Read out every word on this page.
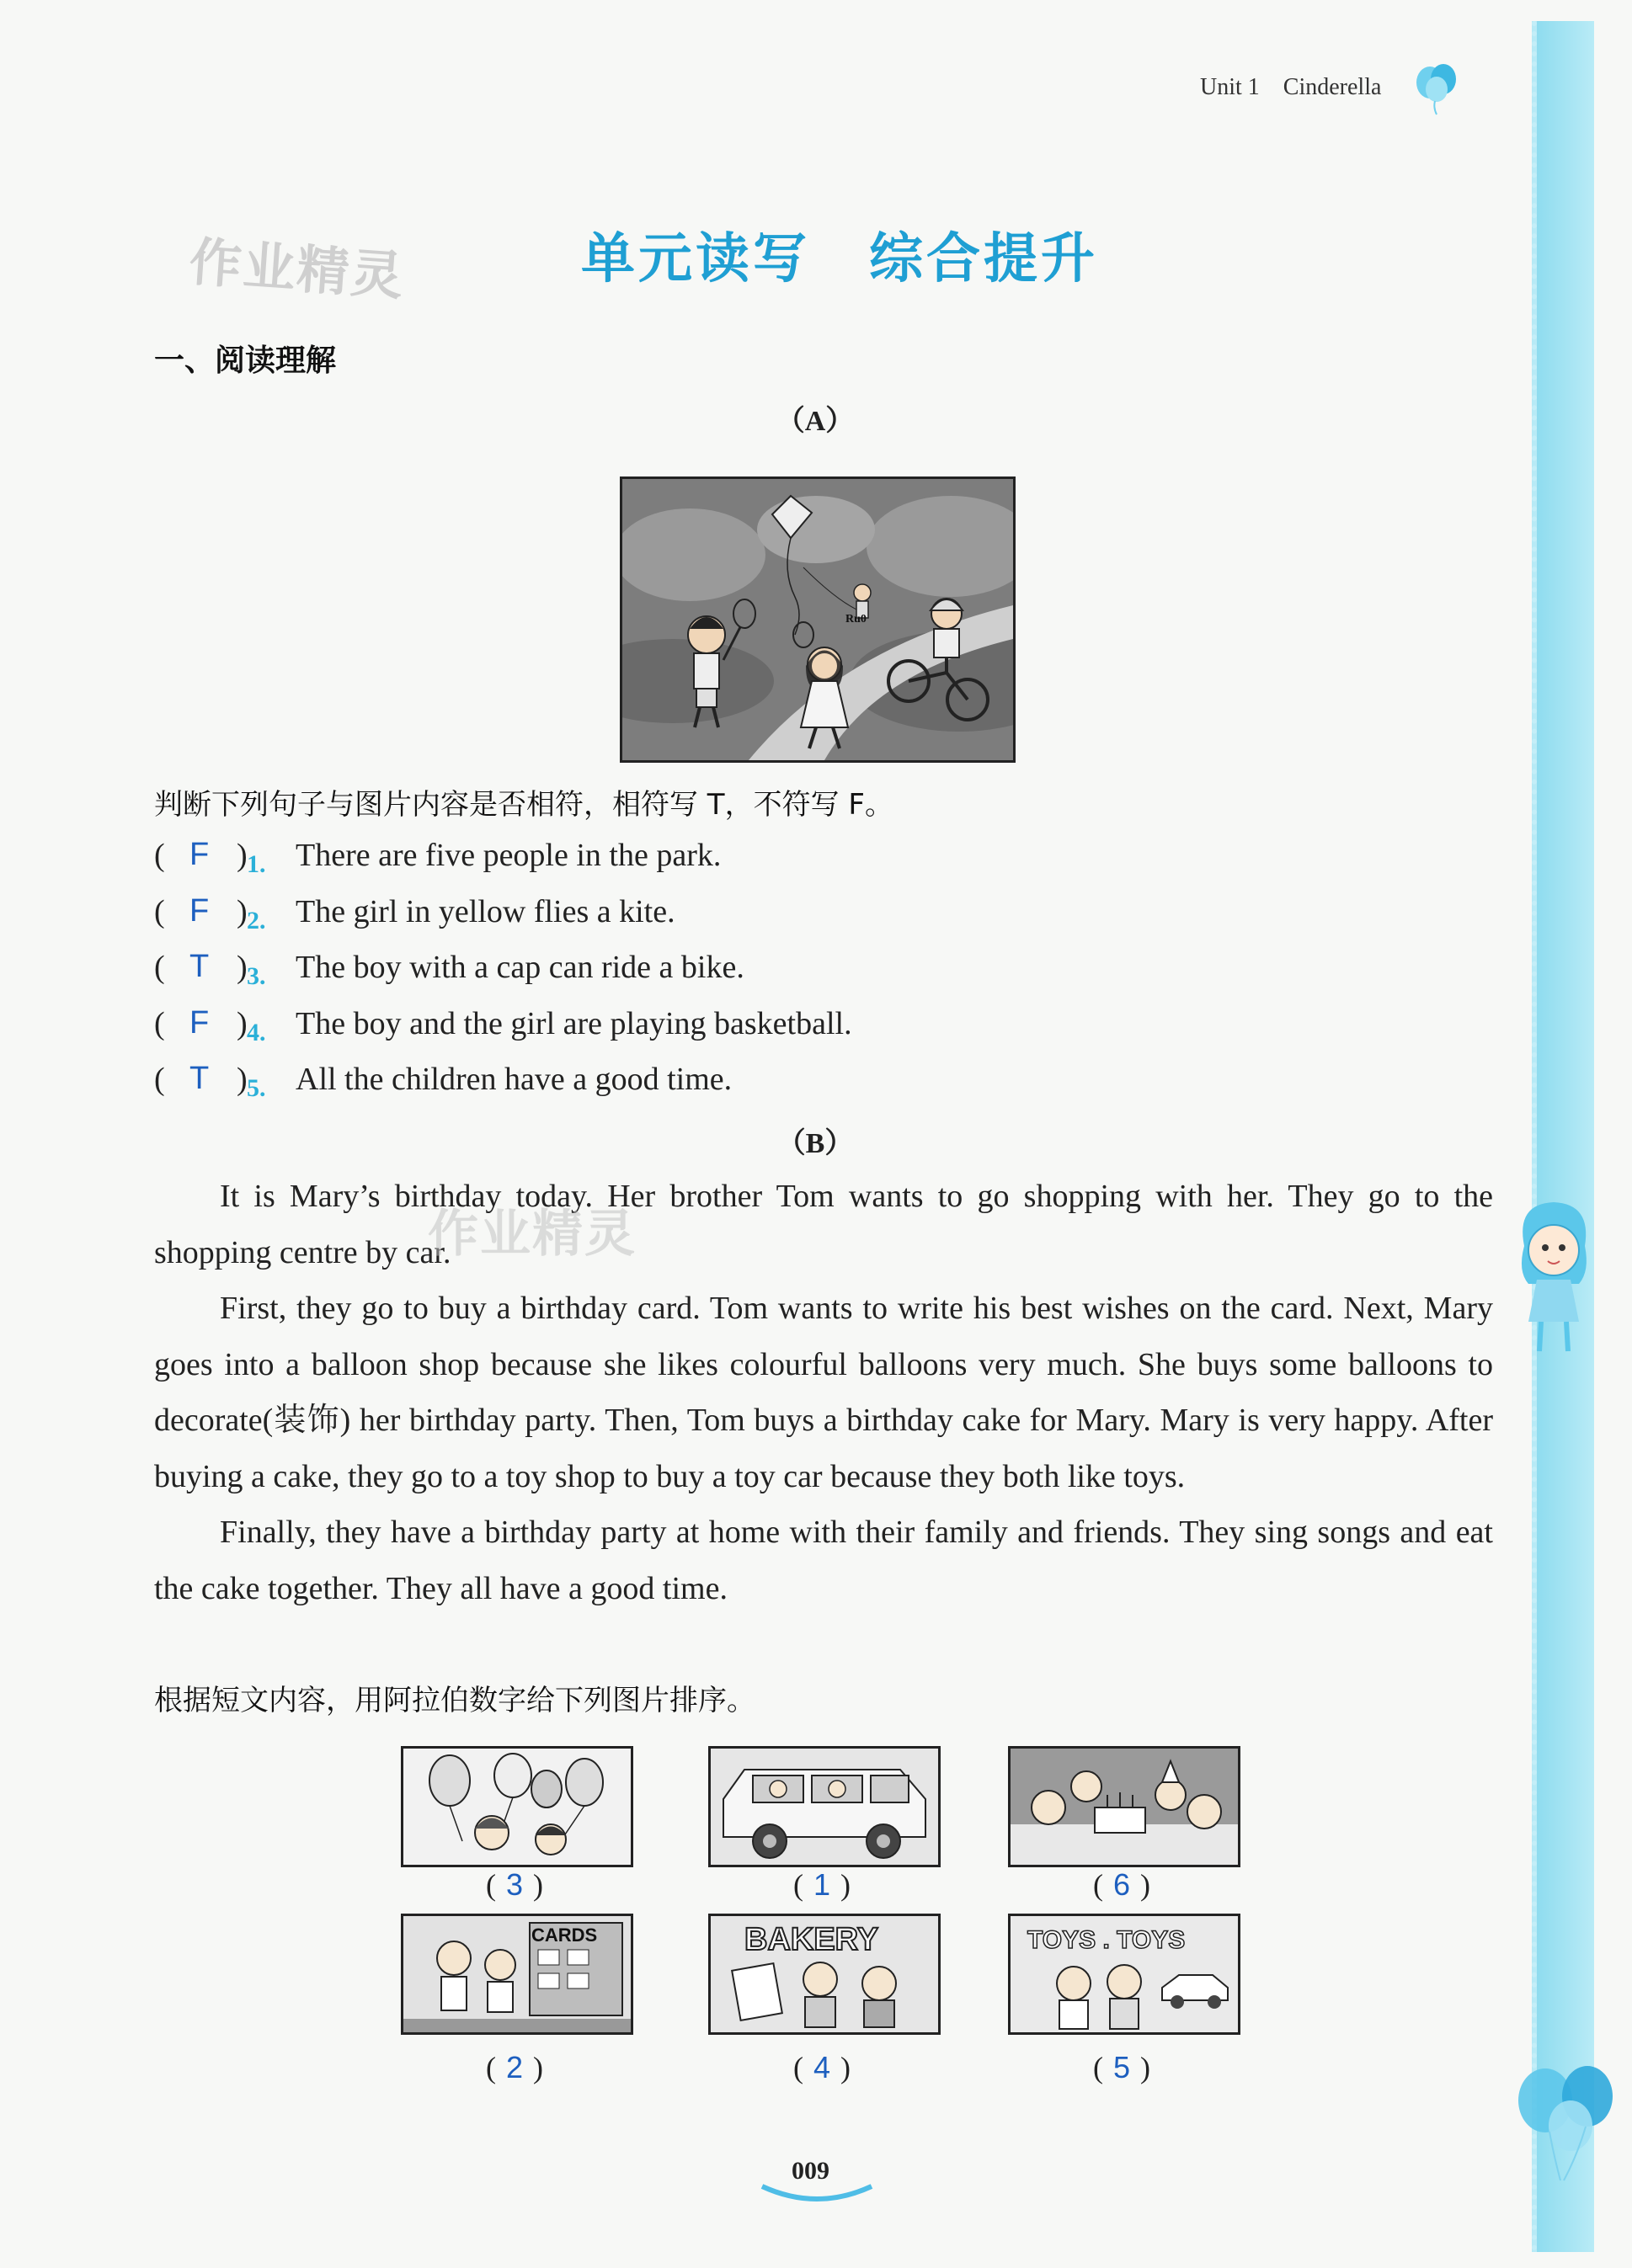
Unit 1 Cinderella
作业精灵	单元读写 综合提升
一、阅读理解
（A）
Ru0
判断下列句子与图片内容是否相符，相符写 T，不符写 F。
( F ) 1. There are five people in the park.
( F ) 2. The girl in yellow flies a kite.
( T ) 3. The boy with a cap can ride a bike.
( F ) 4. The boy and the girl are playing basketball.
( T ) 5. All the children have a good time.
（B）

It is Mary’s birthday today. Her brother Tom wants to go shopping with her. They go to the shopping centre by car.

First, they go to buy a birthday card. Tom wants to write his best wishes on the card. Next, Mary goes into a balloon shop because she likes colourful balloons very much. She buys some balloons to decorate(装饰) her birthday party. Then, Tom buys a birthday cake for Mary. Mary is very happy. After buying a cake, they go to a toy shop to buy a toy car because they both like toys.

Finally, they have a birthday party at home with their family and friends. They sing songs and eat the cake together. They all have a good time.

作业精灵
根据短文内容，用阿拉伯数字给下列图片排序。
( 3 )	( 1 )	( 6 )
CARDS	BAKERY	TOYS . TOYS
( 2 )	( 4 )	( 5 )
009
